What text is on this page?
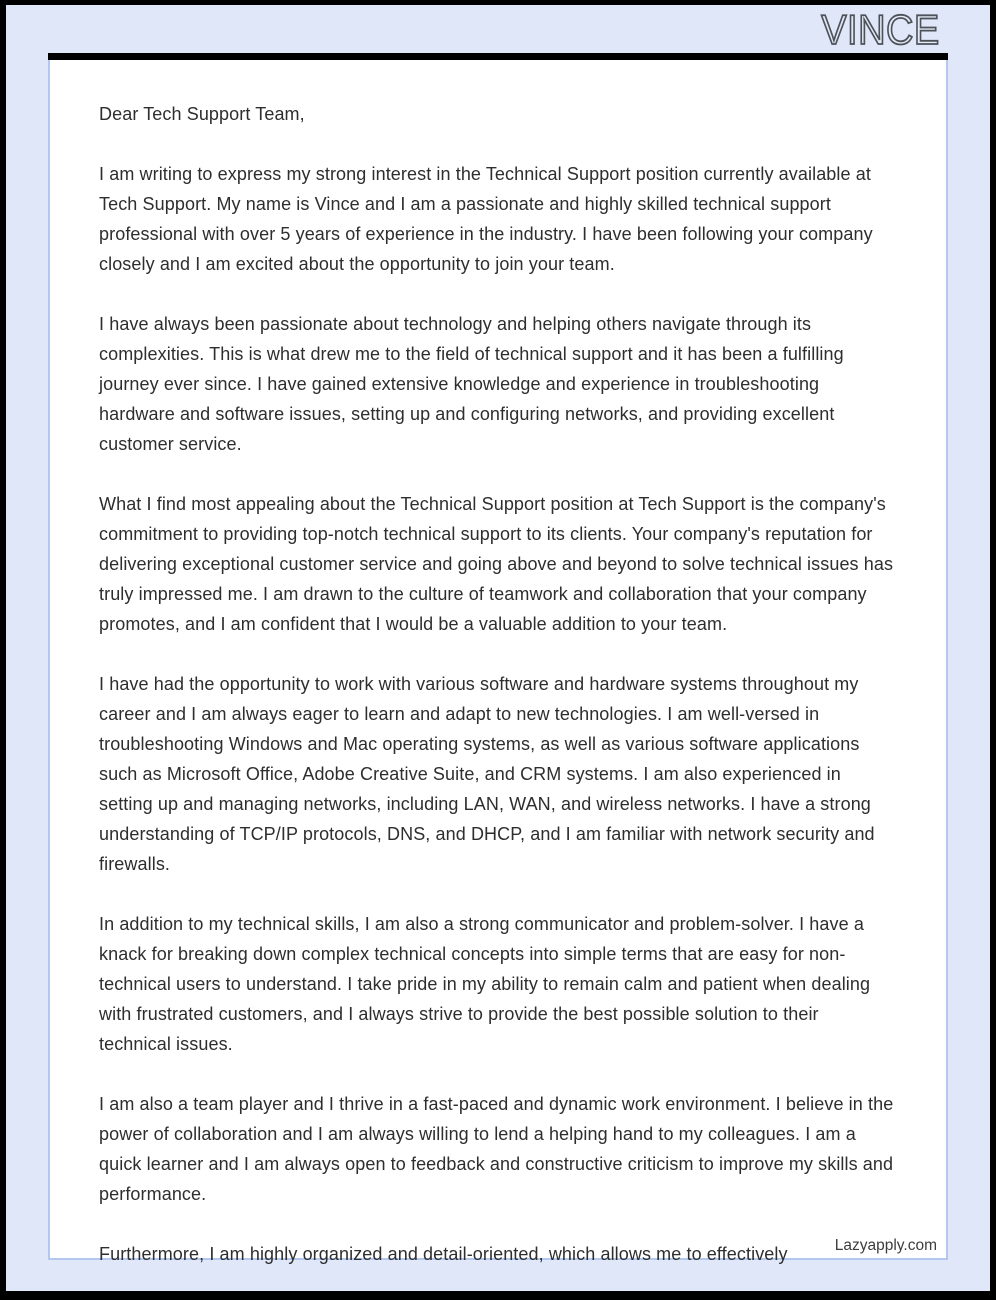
VINCE
Lazyapply.com

Dear Tech Support Team,

I am writing to express my strong interest in the Technical Support position currently available at Tech Support. My name is Vince and I am a passionate and highly skilled technical support professional with over 5 years of experience in the industry. I have been following your company closely and I am excited about the opportunity to join your team.

I have always been passionate about technology and helping others navigate through its complexities. This is what drew me to the field of technical support and it has been a fulfilling journey ever since. I have gained extensive knowledge and experience in troubleshooting hardware and software issues, setting up and configuring networks, and providing excellent customer service.

What I find most appealing about the Technical Support position at Tech Support is the company's commitment to providing top-notch technical support to its clients. Your company's reputation for delivering exceptional customer service and going above and beyond to solve technical issues has truly impressed me. I am drawn to the culture of teamwork and collaboration that your company promotes, and I am confident that I would be a valuable addition to your team.

I have had the opportunity to work with various software and hardware systems throughout my career and I am always eager to learn and adapt to new technologies. I am well-versed in troubleshooting Windows and Mac operating systems, as well as various software applications such as Microsoft Office, Adobe Creative Suite, and CRM systems. I am also experienced in setting up and managing networks, including LAN, WAN, and wireless networks. I have a strong understanding of TCP/IP protocols, DNS, and DHCP, and I am familiar with network security and firewalls.

In addition to my technical skills, I am also a strong communicator and problem-solver. I have a knack for breaking down complex technical concepts into simple terms that are easy for non-technical users to understand. I take pride in my ability to remain calm and patient when dealing with frustrated customers, and I always strive to provide the best possible solution to their technical issues.

I am also a team player and I thrive in a fast-paced and dynamic work environment. I believe in the power of collaboration and I am always willing to lend a helping hand to my colleagues. I am a quick learner and I am always open to feedback and constructive criticism to improve my skills and performance.

Furthermore, I am highly organized and detail-oriented, which allows me to effectively
